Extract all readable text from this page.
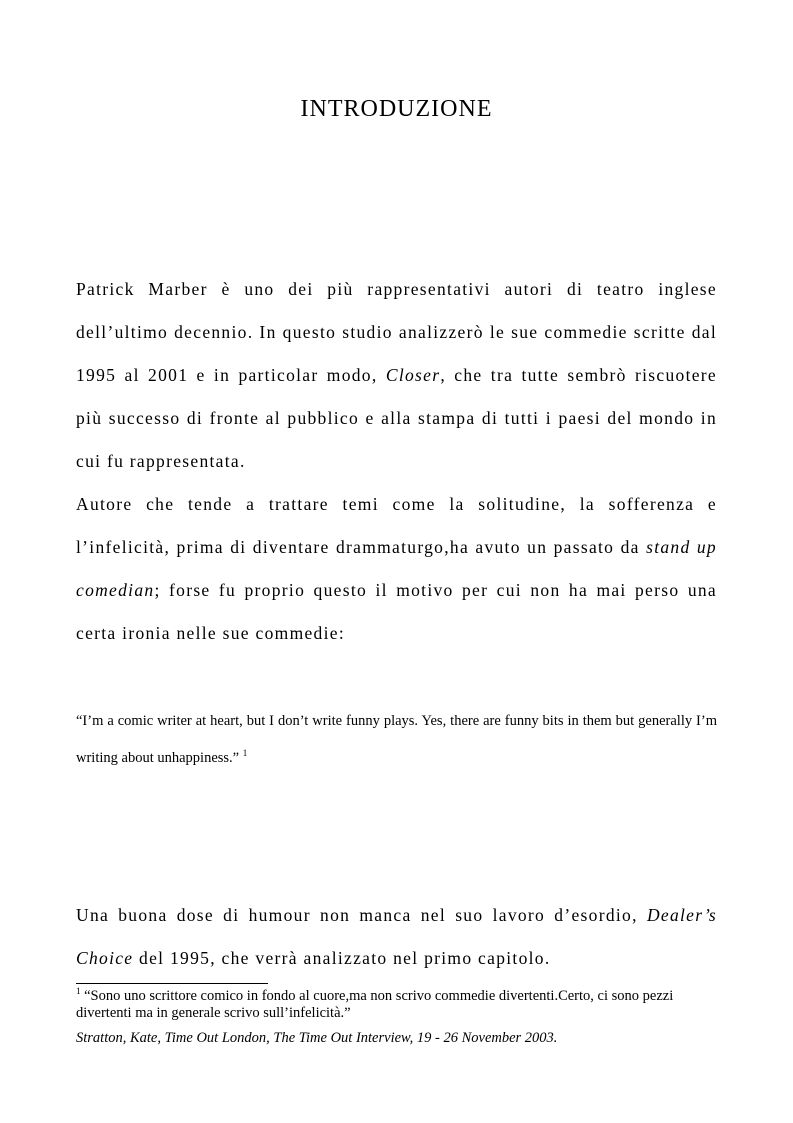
INTRODUZIONE

Patrick Marber è uno dei più rappresentativi autori di teatro inglese dell’ultimo decennio. In questo studio analizzerò le sue commedie scritte dal 1995 al 2001 e in particolar modo, Closer, che tra tutte sembrò riscuotere più successo di fronte al pubblico e alla stampa di tutti i paesi del mondo in cui fu rappresentata.

Autore che tende a trattare temi come la solitudine, la sofferenza e l’infelicità, prima di diventare drammaturgo,ha avuto un passato da stand up comedian; forse fu proprio questo il motivo per cui non ha mai perso una certa ironia nelle sue commedie:

“I’m a comic writer at heart, but I don’t write funny plays. Yes, there are funny bits in them but generally I’m writing about unhappiness.” $^1$

Una buona dose di humour non manca nel suo lavoro d’esordio, Dealer’s Choice del 1995, che verrà analizzato nel primo capitolo.

$^1$ “Sono uno scrittore comico in fondo al cuore,ma non scrivo commedie divertenti.Certo, ci sono pezzi divertenti ma in generale scrivo sull’infelicità.”

Stratton, Kate, Time Out London, The Time Out Interview, 19 - 26 November 2003.
